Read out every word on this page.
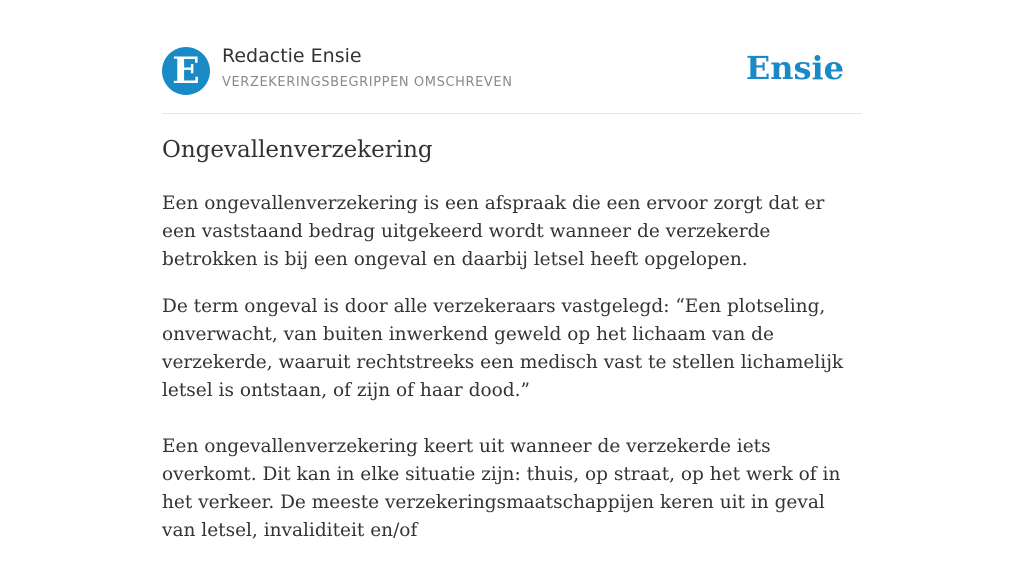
E	Redactie Ensie
VERZEKERINGSBEGRIPPEN OMSCHREVEN	Ensie
Ongevallenverzekering

Een ongevallenverzekering is een afspraak die een ervoor zorgt dat er een vaststaand bedrag uitgekeerd wordt wanneer de verzekerde betrokken is bij een ongeval en daarbij letsel heeft opgelopen.

De term ongeval is door alle verzekeraars vastgelegd: “Een plotseling, onverwacht, van buiten inwerkend geweld op het lichaam van de verzekerde, waaruit rechtstreeks een medisch vast te stellen lichamelijk letsel is ontstaan, of zijn of haar dood.”

Een ongevallenverzekering keert uit wanneer de verzekerde iets overkomt. Dit kan in elke situatie zijn: thuis, op straat, op het werk of in het verkeer. De meeste verzekeringsmaatschappijen keren uit in geval van letsel, invaliditeit en/of
